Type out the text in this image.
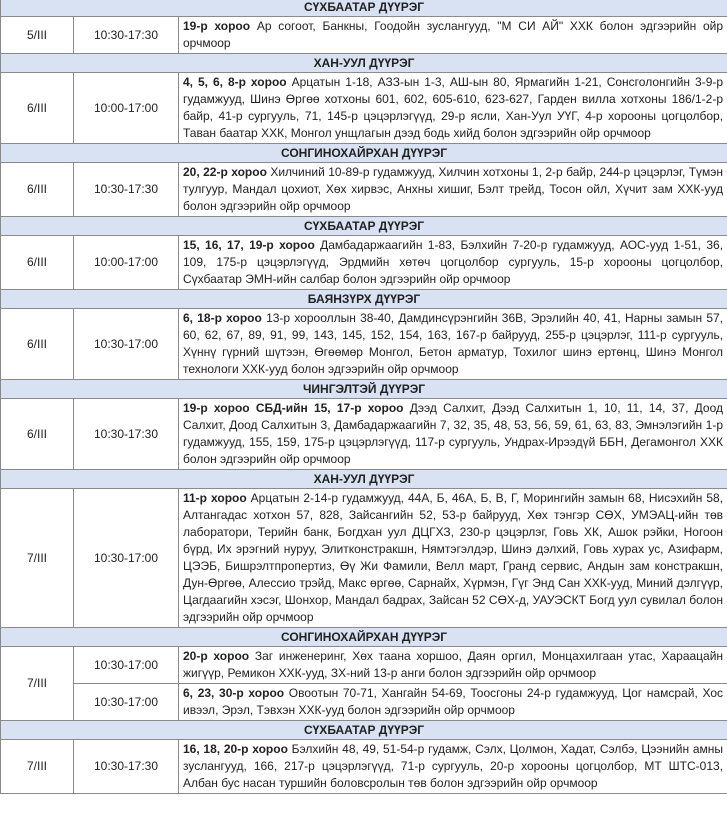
СҮХБААТАР ДҮҮРЭГ		
5/III	10:30-17:30	19-р хороо Ар согоот, Банкны, Гоодойн зуслангууд, "М СИ АЙ" ХХК болон эдгээрийн ойр орчмоор
ХАН-УУЛ ДҮҮРЭГ		
6/III	10:00-17:00	4, 5, 6, 8-р хороо Арцатын 1-18, АЗЗ-ын 1-3, АШ-ын 80, Ярмагийн 1-21, Сонсголонгийн 3-9-р гудамжууд, Шинэ Өргөө хотхоны 601, 602, 605-610, 623-627, Гарден вилла хотхоны 186/1-2-р байр, 41-р сургууль, 71, 145-р цэцэрлэгүүд, 29-р ясли, Хан-Уул УҮГ, 4-р хорооны цогцолбор, Таван баатар ХХК, Монгол унщлагын дээд бодь хийд болон эдгээрийн ойр орчмоор
СОНГИНОХАЙРХАН ДҮҮРЭГ		
6/III	10:30-17:30	20, 22-р хороо Хилчиний 10-89-р гудамжууд, Хилчин хотхоны 1, 2-р байр, 244-р цэцэрлэг, Түмэн тулгуур, Мандал цохиот, Хөх хирвэс, Анхны хишиг, Бэлт трейд, Тосон ойл, Хүчит зам ХХК-ууд болон эдгээрийн ойр орчмоор
СҮХБААТАР ДҮҮРЭГ		
6/III	10:00-17:00	15, 16, 17, 19-р хороо Дамбадаржаагийн 1-83, Бэлхийн 7-20-р гудамжууд, АОС-ууд 1-51, 36, 109, 175-р цэцэрлэгүүд, Эрдмийн хөтөч цогцолбор сургууль, 15-р хорооны цогцолбор, Сүхбаатар ЭМН-ийн салбар болон эдгээрийн ойр орчмоор
БАЯНЗҮРХ ДҮҮРЭГ		
6/III	10:30-17:00	6, 18-р хороо 13-р хорооллын 38-40, Дамдинсүрэнгийн 36В, Эрэлийн 40, 41, Нарны замын 57, 60, 62, 67, 89, 91, 99, 143, 145, 152, 154, 163, 167-р байрууд, 255-р цэцэрлэг, 111-р сургууль, Хүннү гүрний шүтээн, Өгөөмөр Монгол, Бетон арматур, Тохилог шинэ ертөнц, Шинэ Монгол технологи ХХК-ууд болон эдгээрийн ойр орчмоор
ЧИНГЭЛТЭЙ ДҮҮРЭГ		
6/III	10:30-17:30	19-р хороо СБД-ийн 15, 17-р хороо Дээд Салхит, Дээд Салхитын 1, 10, 11, 14, 37, Доод Салхит, Доод Салхитын 3, Дамбадаржаагийн 7, 32, 35, 48, 53, 56, 59, 61, 63, 83, Эмнэлэгийн 1-р гудамжууд, 155, 159, 175-р цэцэрлэгүүд, 117-р сургууль, Ундрах-Ирээдүй ББН, Дегамонгол ХХК болон эдгээрийн ойр орчмоор
ХАН-УУЛ ДҮҮРЭГ		
7/III	10:30-17:00	11-р хороо Арцатын 2-14-р гудамжууд, 44А, Б, 46А, Б, В, Г, Морингийн замын 68, Нисэхийн 58, Алтангадас хотхон 57, 828, Зайсангийн 52, 53-р байрууд, Хөх тэнгэр СӨХ, УМЭАЦ-ийн төв лаборатори, Терийн банк, Богдхан уул ДЦГХЗ, 230-р цэцэрлэг, Говь ХК, Ашок рэйки, Ногоон бүрд, Их эрэгний нуруу, Элитконстракшн, Нямтэгэлдэр, Шинэ дэлхий, Говь хурах ус, Азифарм, ЦЭЭБ, Бишрэлтпропертиз, Өү Жи Фамили, Велл март, Гранд сервис, Андын зам констракшн, Дун-Өргөө, Алессио трэйд, Макс өргөө, Сарнайх, Хүрмэн, Гүг Энд Сан ХХК-ууд, Миний дэлгүүр, Цагдаагийн хэсэг, Шонхор, Мандал бадрах, Зайсан 52 СӨХ-д, УАУЭСКТ Богд уул сувилал болон эдгээрийн ойр орчмоор
СОНГИНОХАЙРХАН ДҮҮРЭГ		
7/III	10:30-17:00	20-р хороо Заг инженеринг, Хөх таана хоршоо, Даян оргил, Монцахилгаан утас, Хараацайн жигүүр, Ремикон ХХК-ууд, ЗХ-ний 13-р анги болон эдгээрийн ойр орчмоор
	10:30-17:00	6, 23, 30-р хороо Овоотын 70-71, Хангайн 54-69, Тоосгоны 24-р гудамжууд, Цог намсрай, Хос ивээл, Эрэл, Тэвхэн ХХК-ууд болон эдгээрийн ойр орчмоор
СҮХБААТАР ДҮҮРЭГ		
7/III	10:30-17:30	16, 18, 20-р хороо Бэлхийн 48, 49, 51-54-р гудамж, Сэлх, Цолмон, Хадат, Сэлбэ, Цээнийн амны зуслангууд, 166, 217-р цэцэрлэгүүд, 71-р сургууль, 20-р хорооны цогцолбор, МТ ШТС-013, Албан бус насан туршийн боловсролын төв болон эдгээрийн ойр орчмоор
